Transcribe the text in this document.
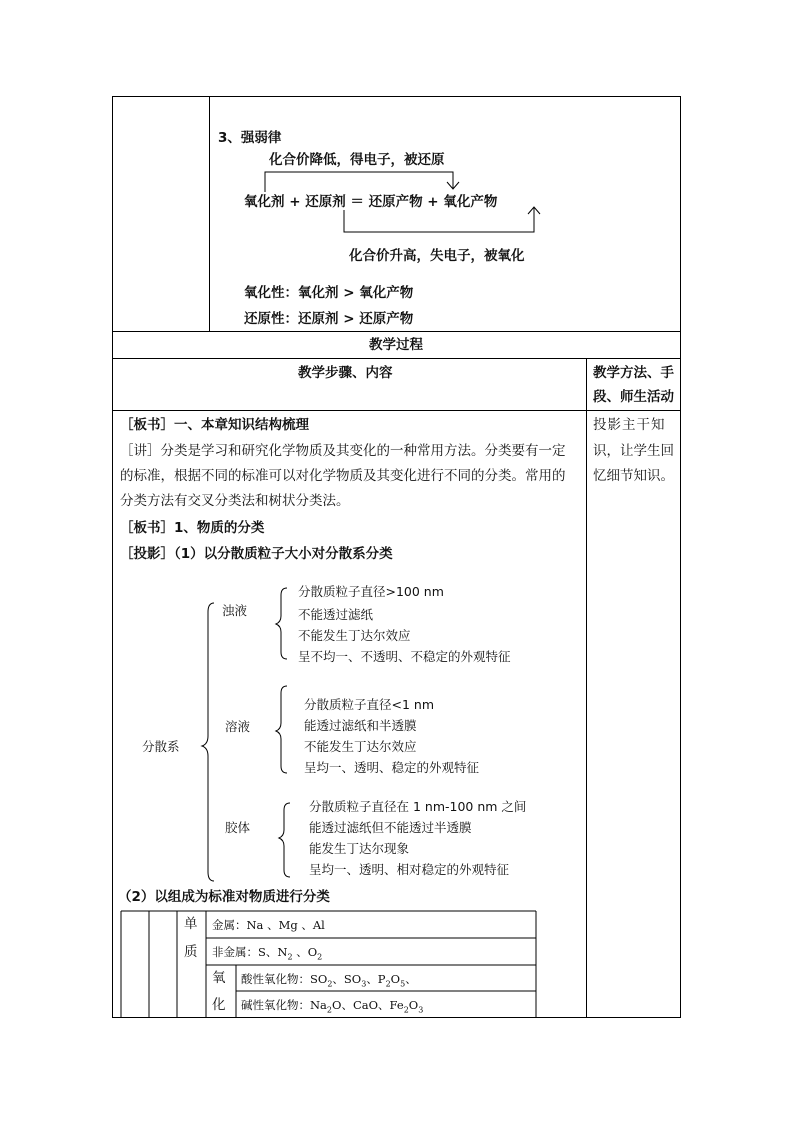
3、强弱律
化合价降低，得电子，被还原
氧化剂 + 还原剂 ＝ 还原产物 + 氧化产物
化合价升高，失电子，被氧化
氧化性：氧化剂 > 氧化产物
还原性：还原剂 > 还原产物
教学过程
教学步骤、内容	教学方法、手
段、师生活动
［板书］一、本章知识结构梳理
［讲］分类是学习和研究化学物质及其变化的一种常用方法。分类要有一定
的标准，根据不同的标准可以对化学物质及其变化进行不同的分类。常用的
分类方法有交叉分类法和树状分类法。
［板书］1、物质的分类
［投影］（1）以分散质粒子大小对分散系分类
投影主干知
识，让学生回
忆细节知识。
分散系
浊液
分散质粒子直径>100 nm
不能透过滤纸
不能发生丁达尔效应
呈不均一、不透明、不稳定的外观特征
溶液
分散质粒子直径<1 nm
能透过滤纸和半透膜
不能发生丁达尔效应
呈均一、透明、稳定的外观特征
胶体
分散质粒子直径在 1 nm-100 nm 之间
能透过滤纸但不能透过半透膜
能发生丁达尔现象
呈均一、透明、相对稳定的外观特征
（2）以组成为标准对物质进行分类
单
质
金属：Na 、Mg 、Al
非金属：S、$N_2$ 、$O_2$
氧
化
酸性氧化物：$SO_2$、$SO_3$、$P_2O_5$、
碱性氧化物：$Na_2O$、CaO、$Fe_2O_3$
